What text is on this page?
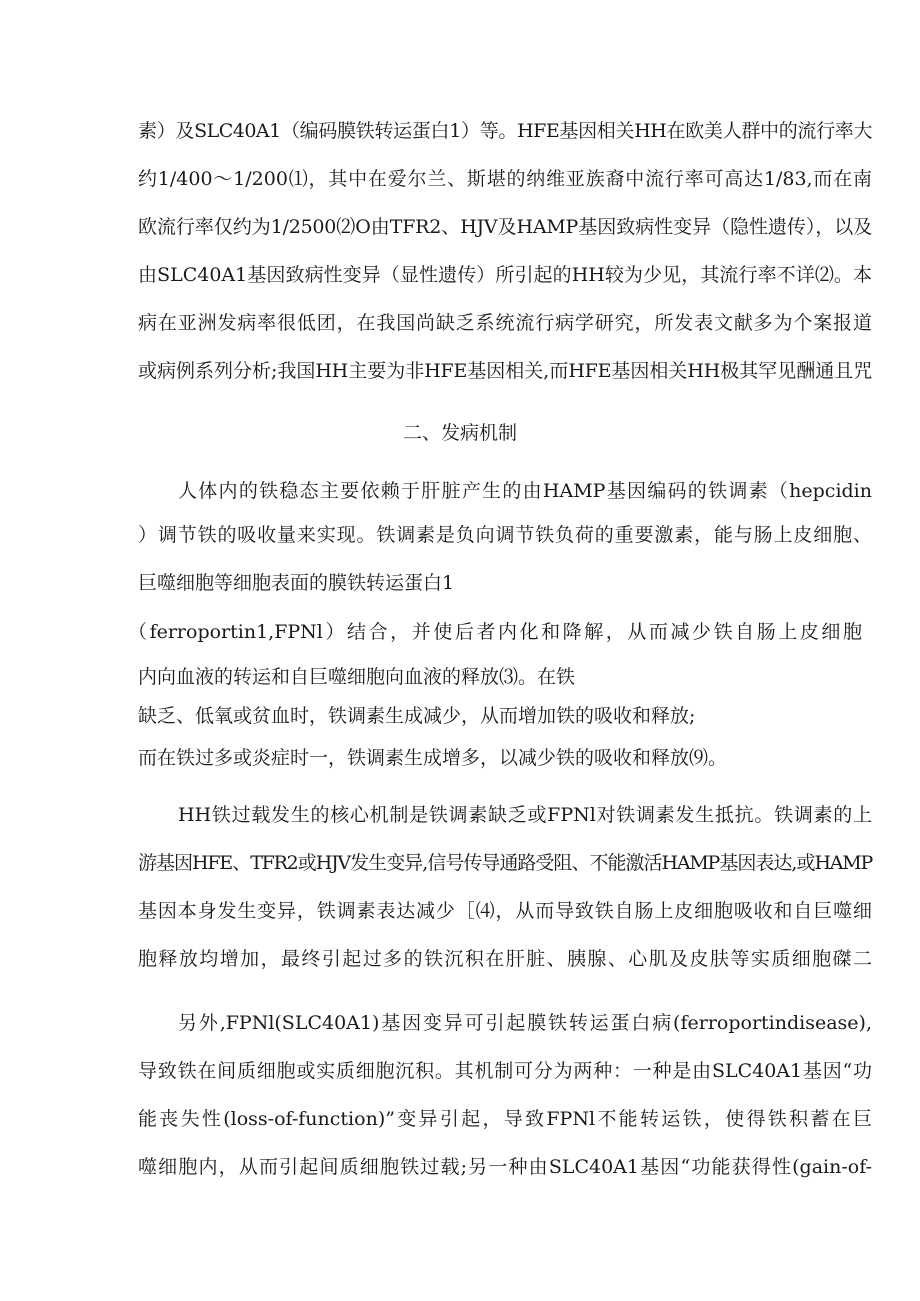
素）及SLC40A1（编码膜铁转运蛋白1）等。HFE基因相关HH在欧美人群中的流行率大
约1/400～1/200⑴，其中在爱尔兰、斯堪的纳维亚族裔中流行率可高达1/83,而在南
欧流行率仅约为1/2500⑵O由TFR2、HJV及HAMP基因致病性变异（隐性遗传），以及
由SLC40A1基因致病性变异（显性遗传）所引起的HH较为少见，其流行率不详⑵。本
病在亚洲发病率很低团，在我国尚缺乏系统流行病学研究，所发表文献多为个案报道
或病例系列分析;我国HH主要为非HFE基因相关,而HFE基因相关HH极其罕见酬通且咒
二、发病机制
人体内的铁稳态主要依赖于肝脏产生的由HAMP基因编码的铁调素（hepcidin
）调节铁的吸收量来实现。铁调素是负向调节铁负荷的重要激素，能与肠上皮细胞、
巨噬细胞等细胞表面的膜铁转运蛋白1
（ferroportin1,FPNl）结合，并使后者内化和降解，从而减少铁自肠上皮细胞
内向血液的转运和自巨噬细胞向血液的释放⑶。在铁
缺乏、低氧或贫血时，铁调素生成减少，从而增加铁的吸收和释放;
而在铁过多或炎症时一，铁调素生成增多，以减少铁的吸收和释放⑼。
HH铁过载发生的核心机制是铁调素缺乏或FPNl对铁调素发生抵抗。铁调素的上
游基因HFE、TFR2或HJV发生变异,信号传导通路受阻、不能激活HAMP基因表达,或HAMP
基因本身发生变异，铁调素表达减少［⑷，从而导致铁自肠上皮细胞吸收和自巨噬细
胞释放均增加，最终引起过多的铁沉积在肝脏、胰腺、心肌及皮肤等实质细胞磔二
另外,FPNl(SLC40A1)基因变异可引起膜铁转运蛋白病(ferroportindisease),
导致铁在间质细胞或实质细胞沉积。其机制可分为两种：一种是由SLC40A1基因“功
能丧失性(loss-of-function)”变异引起，导致FPNl不能转运铁，使得铁积蓄在巨
噬细胞内，从而引起间质细胞铁过载;另一种由SLC40A1基因“功能获得性(gain-of-
